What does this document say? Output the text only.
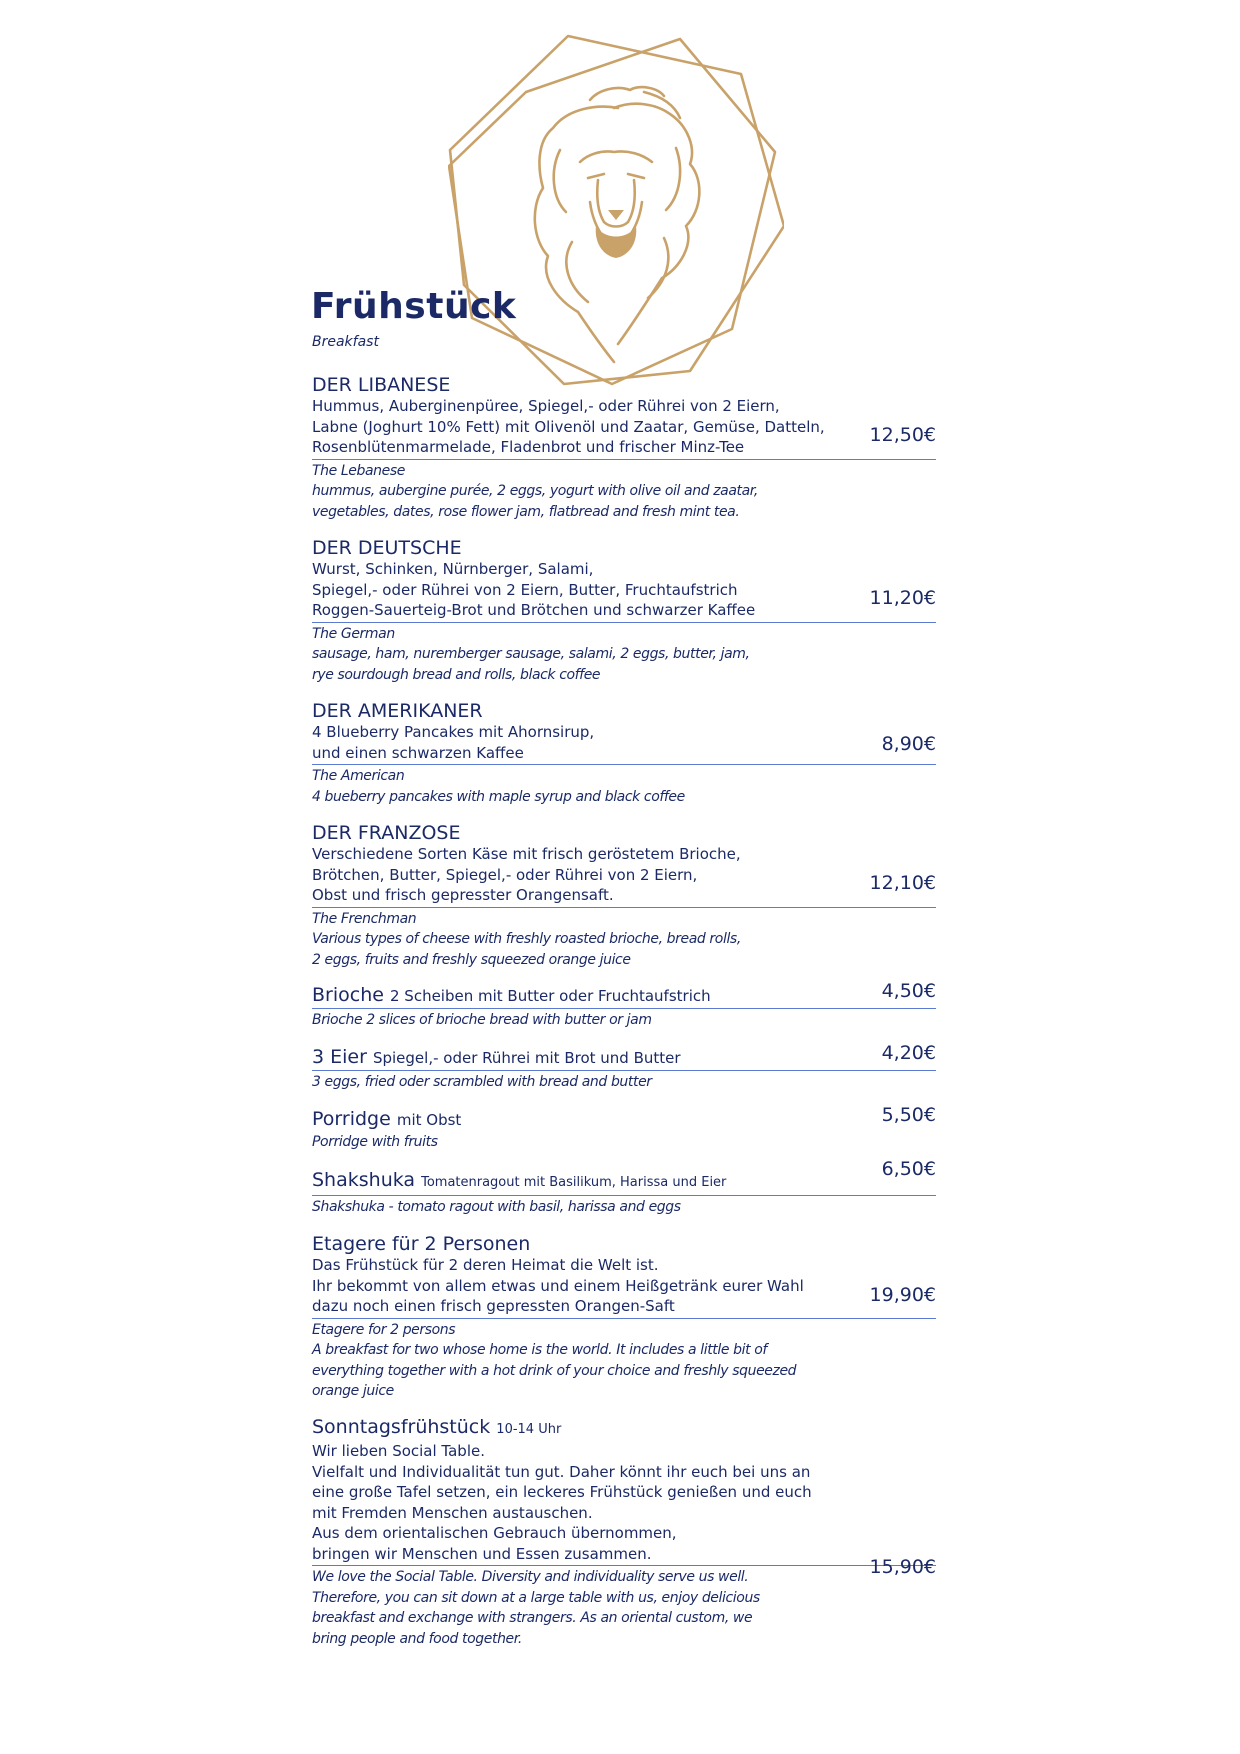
Frühstück
Breakfast
DER LIBANESE
Hummus, Auberginenpüree, Spiegel,- oder Rührei von 2 Eiern,
Labne (Joghurt 10% Fett) mit Olivenöl und Zaatar, Gemüse, Datteln,
Rosenblütenmarmelade, Fladenbrot und frischer Minz-Tee
The Lebanese
hummus, aubergine purée, 2 eggs, yogurt with olive oil and zaatar,
vegetables, dates, rose flower jam, flatbread and fresh mint tea.
12,50€
DER DEUTSCHE
Wurst, Schinken, Nürnberger, Salami,
Spiegel,- oder Rührei von 2 Eiern, Butter, Fruchtaufstrich
Roggen-Sauerteig-Brot und Brötchen und schwarzer Kaffee
The German
sausage, ham, nuremberger sausage, salami, 2 eggs, butter, jam,
rye sourdough bread and rolls, black coffee
11,20€
DER AMERIKANER
4 Blueberry Pancakes mit Ahornsirup,
und einen schwarzen Kaffee
The American
4 bueberry pancakes with maple syrup and black coffee
8,90€
DER FRANZOSE
Verschiedene Sorten Käse mit frisch geröstetem Brioche,
Brötchen, Butter, Spiegel,- oder Rührei von 2 Eiern,
Obst und frisch gepresster Orangensaft.
The Frenchman
Various types of cheese with freshly roasted brioche, bread rolls,
2 eggs, fruits and freshly squeezed orange juice
12,10€
Brioche 2 Scheiben mit Butter oder Fruchtaufstrich
Brioche 2 slices of brioche bread with butter or jam
4,50€
3 Eier Spiegel,- oder Rührei mit Brot und Butter
3 eggs, fried oder scrambled with bread and butter
4,20€
Porridge mit Obst
Porridge with fruits
5,50€
Shakshuka Tomatenragout mit Basilikum, Harissa und Eier
Shakshuka - tomato ragout with basil, harissa and eggs
6,50€
Etagere für 2 Personen
Das Frühstück für 2 deren Heimat die Welt ist.
Ihr bekommt von allem etwas und einem Heißgetränk eurer Wahl
dazu noch einen frisch gepressten Orangen-Saft
Etagere for 2 persons
A breakfast for two whose home is the world. It includes a little bit of
everything together with a hot drink of your choice and freshly squeezed
orange juice
19,90€
Sonntagsfrühstück 10-14 Uhr
Wir lieben Social Table.
Vielfalt und Individualität tun gut. Daher könnt ihr euch bei uns an
eine große Tafel setzen, ein leckeres Frühstück genießen und euch
mit Fremden Menschen austauschen.
Aus dem orientalischen Gebrauch übernommen,
bringen wir Menschen und Essen zusammen.
We love the Social Table. Diversity and individuality serve us well.
Therefore, you can sit down at a large table with us, enjoy delicious
breakfast and exchange with strangers. As an oriental custom, we
bring people and food together.
15,90€
